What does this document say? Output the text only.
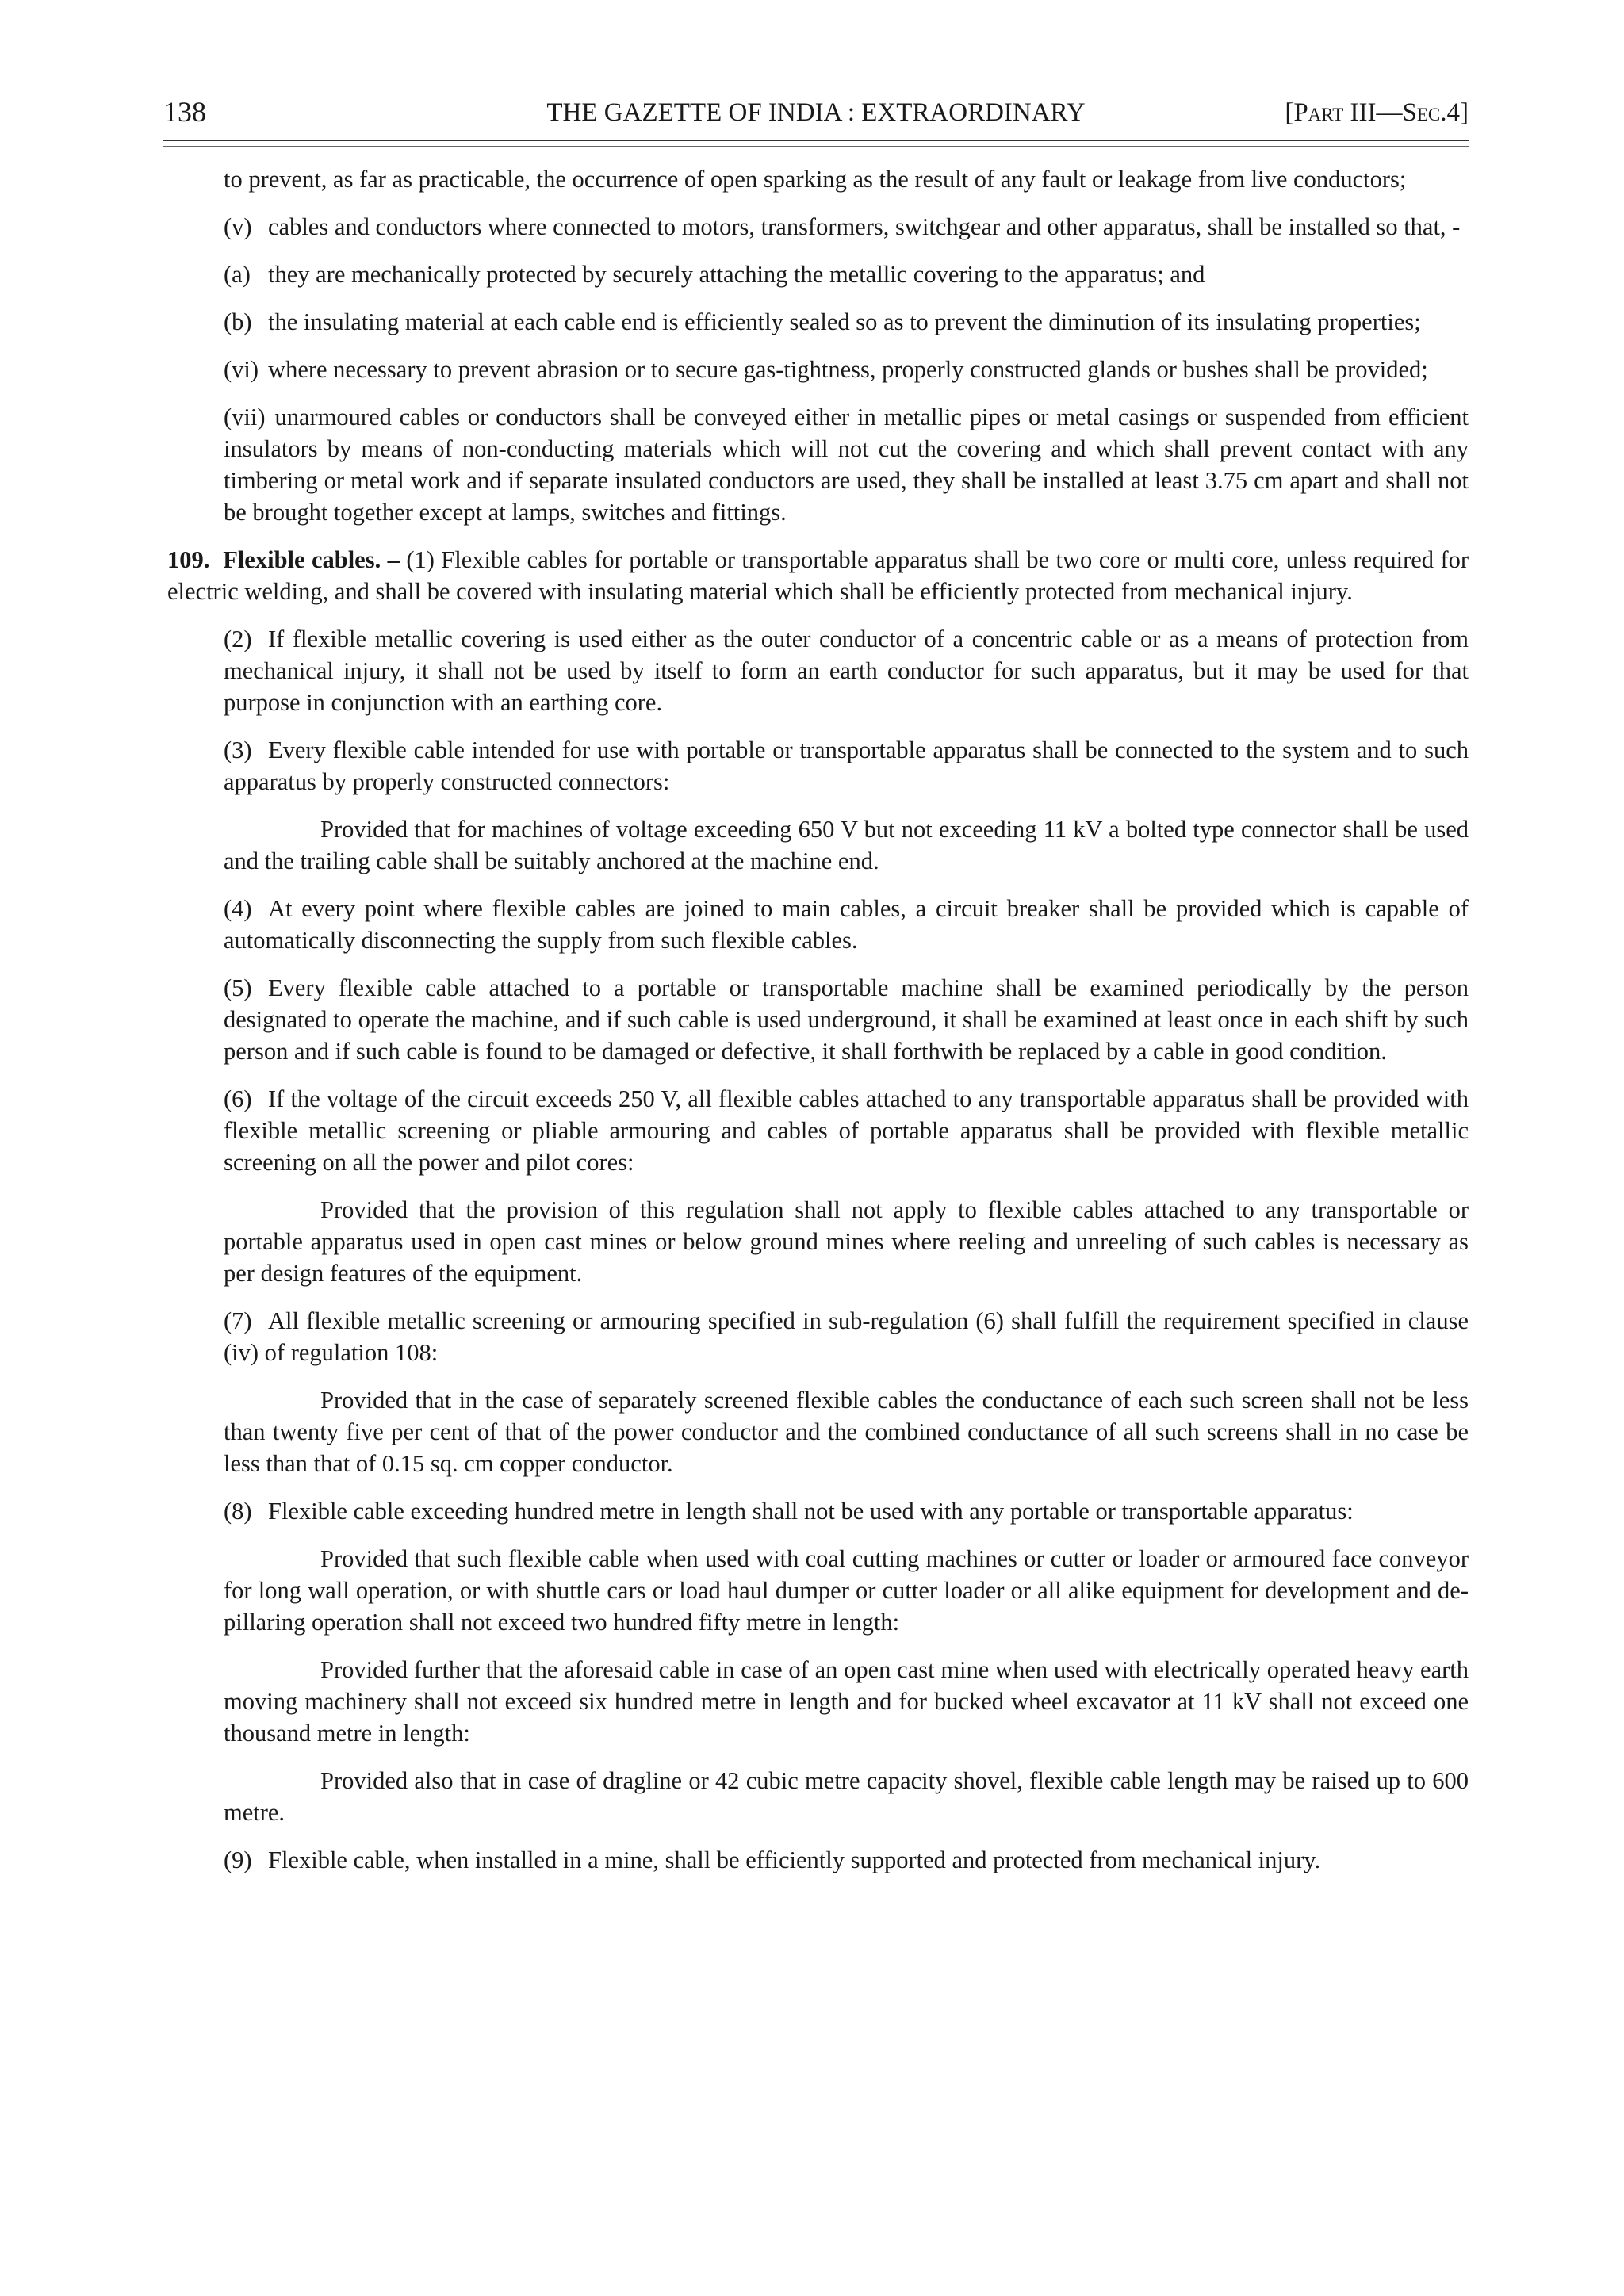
138	THE GAZETTE OF INDIA : EXTRAORDINARY	[Part III—Sec.4]

to prevent, as far as practicable, the occurrence of open sparking as the result of any fault or leakage from live conductors;

(v) cables and conductors where connected to motors, transformers, switchgear and other apparatus, shall be installed so that, -

(a) they are mechanically protected by securely attaching the metallic covering to the apparatus; and

(b) the insulating material at each cable end is efficiently sealed so as to prevent the diminution of its insulating properties;

(vi) where necessary to prevent abrasion or to secure gas-tightness, properly constructed glands or bushes shall be provided;

(vii) unarmoured cables or conductors shall be conveyed either in metallic pipes or metal casings or suspended from efficient insulators by means of non-conducting materials which will not cut the covering and which shall prevent contact with any timbering or metal work and if separate insulated conductors are used, they shall be installed at least 3.75 cm apart and shall not be brought together except at lamps, switches and fittings.

109. Flexible cables. – (1) Flexible cables for portable or transportable apparatus shall be two core or multi core, unless required for electric welding, and shall be covered with insulating material which shall be efficiently protected from mechanical injury.

(2) If flexible metallic covering is used either as the outer conductor of a concentric cable or as a means of protection from mechanical injury, it shall not be used by itself to form an earth conductor for such apparatus, but it may be used for that purpose in conjunction with an earthing core.

(3) Every flexible cable intended for use with portable or transportable apparatus shall be connected to the system and to such apparatus by properly constructed connectors:

Provided that for machines of voltage exceeding 650 V but not exceeding 11 kV a bolted type connector shall be used and the trailing cable shall be suitably anchored at the machine end.

(4) At every point where flexible cables are joined to main cables, a circuit breaker shall be provided which is capable of automatically disconnecting the supply from such flexible cables.

(5) Every flexible cable attached to a portable or transportable machine shall be examined periodically by the person designated to operate the machine, and if such cable is used underground, it shall be examined at least once in each shift by such person and if such cable is found to be damaged or defective, it shall forthwith be replaced by a cable in good condition.

(6) If the voltage of the circuit exceeds 250 V, all flexible cables attached to any transportable apparatus shall be provided with flexible metallic screening or pliable armouring and cables of portable apparatus shall be provided with flexible metallic screening on all the power and pilot cores:

Provided that the provision of this regulation shall not apply to flexible cables attached to any transportable or portable apparatus used in open cast mines or below ground mines where reeling and unreeling of such cables is necessary as per design features of the equipment.

(7) All flexible metallic screening or armouring specified in sub-regulation (6) shall fulfill the requirement specified in clause (iv) of regulation 108:

Provided that in the case of separately screened flexible cables the conductance of each such screen shall not be less than twenty five per cent of that of the power conductor and the combined conductance of all such screens shall in no case be less than that of 0.15 sq. cm copper conductor.

(8) Flexible cable exceeding hundred metre in length shall not be used with any portable or transportable apparatus:

Provided that such flexible cable when used with coal cutting machines or cutter or loader or armoured face conveyor for long wall operation, or with shuttle cars or load haul dumper or cutter loader or all alike equipment for development and de-pillaring operation shall not exceed two hundred fifty metre in length:

Provided further that the aforesaid cable in case of an open cast mine when used with electrically operated heavy earth moving machinery shall not exceed six hundred metre in length and for bucked wheel excavator at 11 kV shall not exceed one thousand metre in length:

Provided also that in case of dragline or 42 cubic metre capacity shovel, flexible cable length may be raised up to 600 metre.

(9) Flexible cable, when installed in a mine, shall be efficiently supported and protected from mechanical injury.
